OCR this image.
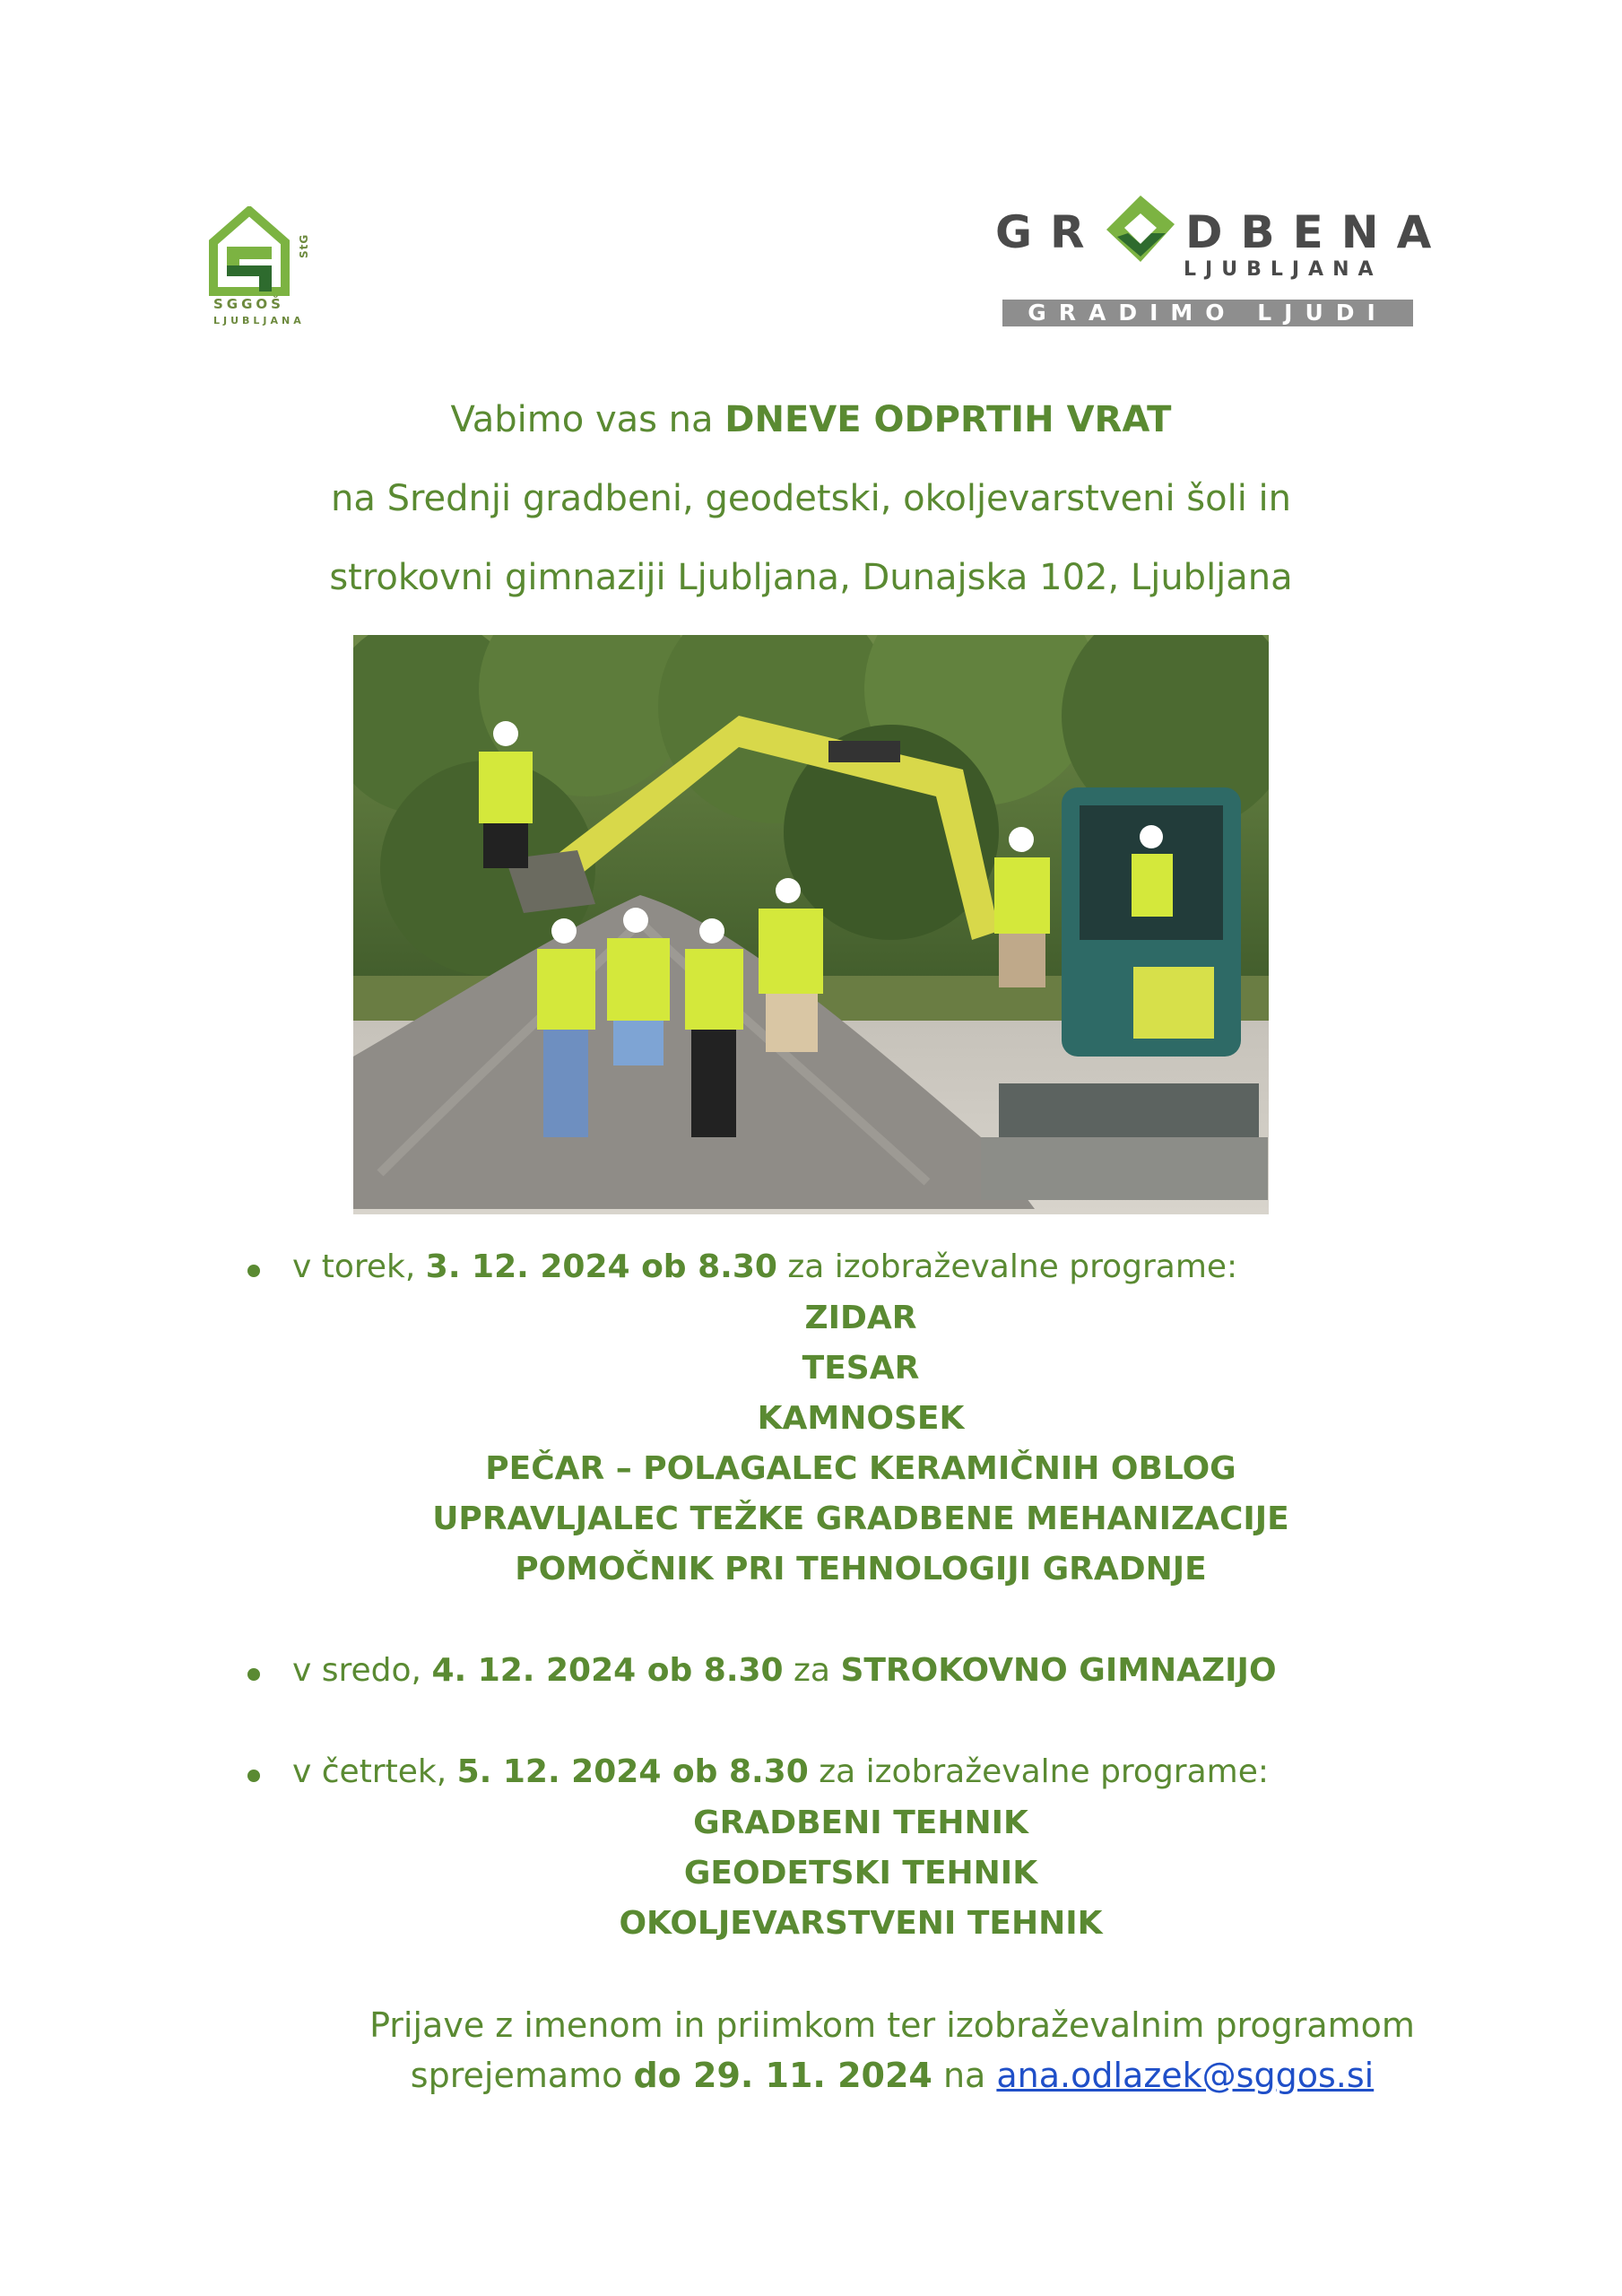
SGGOŠ
LJUBLJANA
StG	GR DBENA
LJUBLJANA
GRADIMO LJUDI
Vabimo vas na DNEVE ODPRTIH VRAT
na Srednji gradbeni, geodetski, okoljevarstveni šoli in
strokovni gimnaziji Ljubljana, Dunajska 102, Ljubljana
v torek, 3. 12. 2024 ob 8.30 za izobraževalne programe:
ZIDAR
TESAR
KAMNOSEK
PEČAR – POLAGALEC KERAMIČNIH OBLOG
UPRAVLJALEC TEŽKE GRADBENE MEHANIZACIJE
POMOČNIK PRI TEHNOLOGIJI GRADNJE
v sredo, 4. 12. 2024 ob 8.30 za STROKOVNO GIMNAZIJO
v četrtek, 5. 12. 2024 ob 8.30 za izobraževalne programe:
GRADBENI TEHNIK
GEODETSKI TEHNIK
OKOLJEVARSTVENI TEHNIK
Prijave z imenom in priimkom ter izobraževalnim programom
sprejemamo do 29. 11. 2024 na ana.odlazek@sggos.si
